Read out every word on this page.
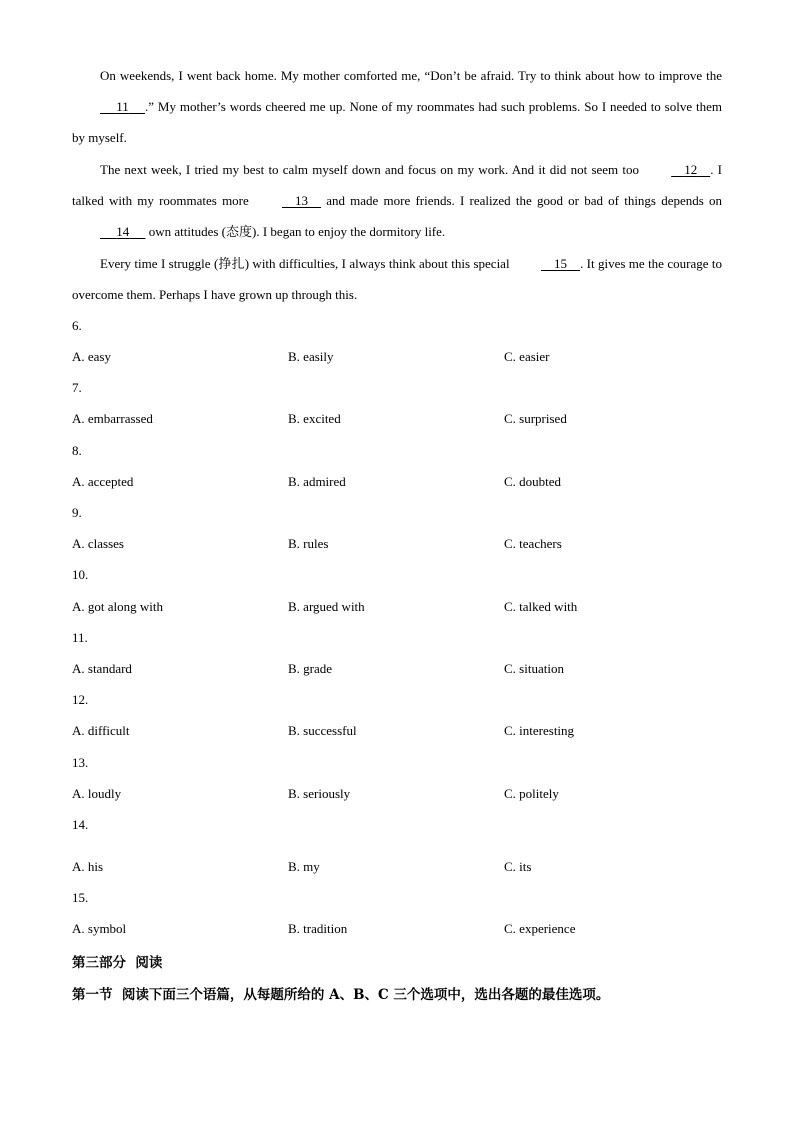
On weekends, I went back home. My mother comforted me, “Don’t be afraid. Try to think about how to improve the      11 .” My mother’s words cheered me up. None of my roommates had such problems. So I needed to solve them by myself.

The next week, I tried my best to calm myself down and focus on my work. And it did not seem too	12 . I talked with my roommates more	13     and made more friends. I realized the good or bad of things depends on      14      own attitudes (态度). I began to enjoy the dormitory life.

Every time I struggle (挣扎) with difficulties, I always think about this special	15 . It gives me the courage to overcome them. Perhaps I have grown up through this.

6.
A. easy	B. easily	C. easier
7.
A. embarrassed	B. excited	C. surprised
8.
A. accepted	B. admired	C. doubted
9.
A. classes	B. rules	C. teachers
10.
A. got along with	B. argued with	C. talked with
11.
A. standard	B. grade	C. situation
12.
A. difficult	B. successful	C. interesting
13.
A. loudly	B. seriously	C. politely
14.
A. his	B. my	C. its
15.
A. symbol	B. tradition	C. experience
第三部分  阅读
第一节  阅读下面三个语篇，从每题所给的 A、B、C 三个选项中，选出各题的最佳选项。
